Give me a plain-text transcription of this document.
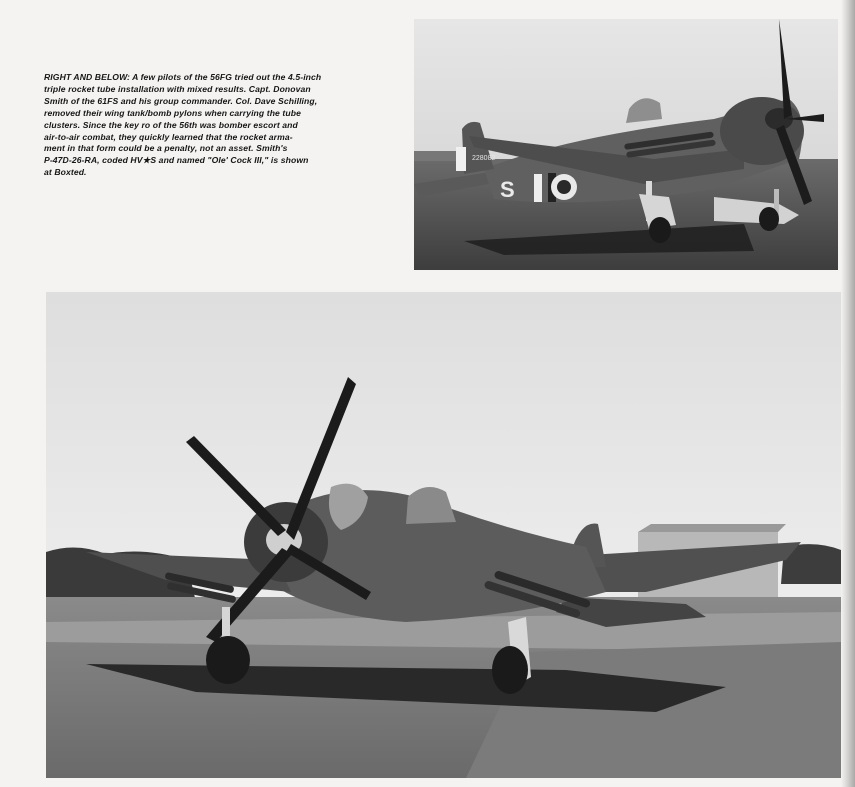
RIGHT AND BELOW: A few pilots of the 56FG tried out the 4.5-inch
triple rocket tube installation with mixed results. Capt. Donovan
Smith of the 61FS and his group commander. Col. Dave Schilling,
removed their wing tank/bomb pylons when carrying the tube
clusters. Since the key ro of the 56th was bomber escort and
air-to-air combat, they quickly learned that the rocket arma-
ment in that form could be a penalty, not an asset. Smith's
P-47D-26-RA, coded HV★S and named "Ole' Cock III," is shown
at Boxted.
S
228082
